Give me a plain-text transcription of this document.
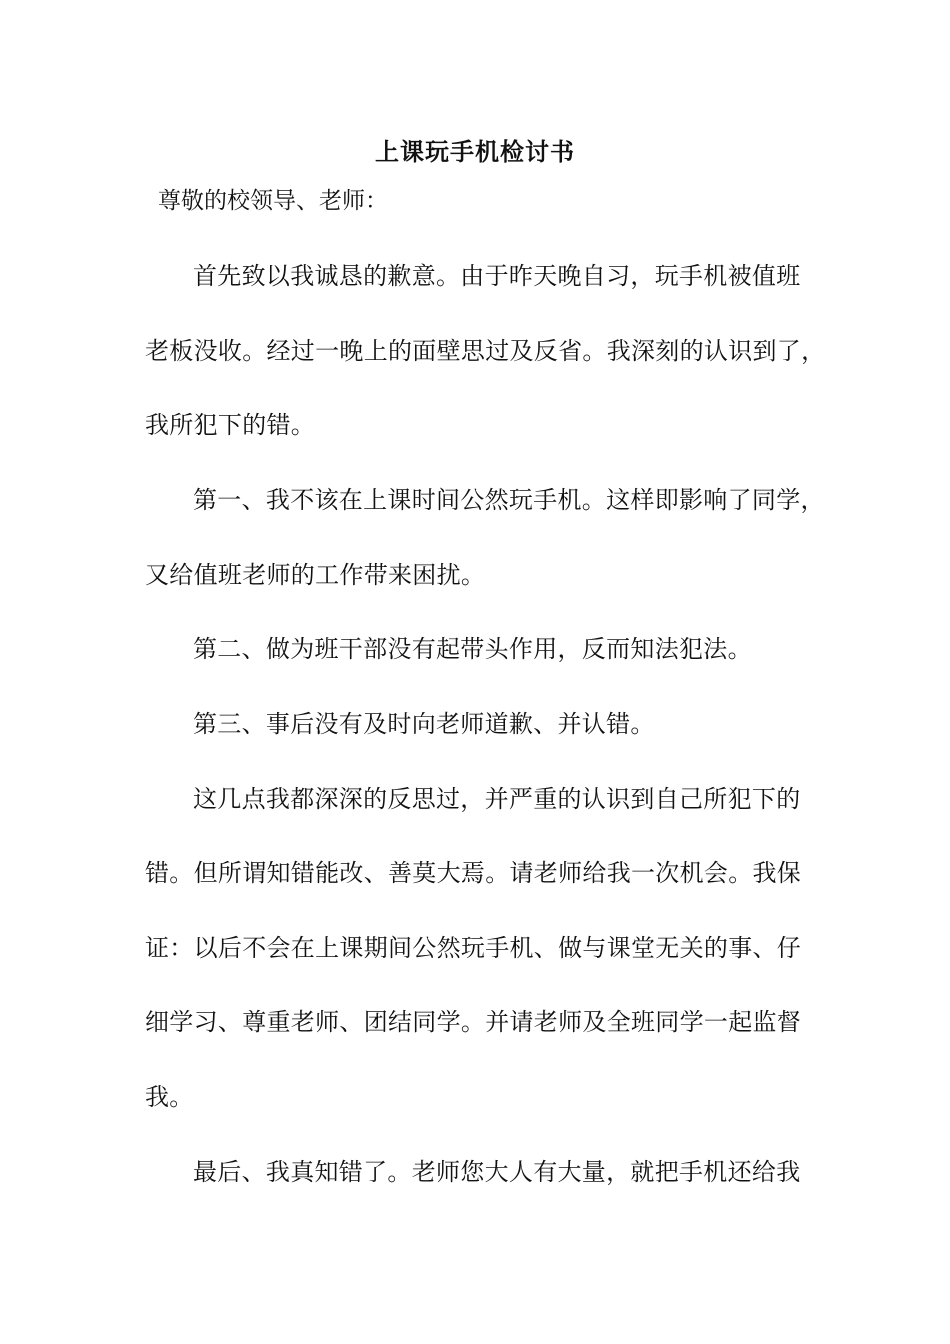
上课玩手机检讨书
尊敬的校领导、老师：
首先致以我诚恳的歉意。由于昨天晚自习，玩手机被值班
老板没收。经过一晚上的面壁思过及反省。我深刻的认识到了，
我所犯下的错。
第一、我不该在上课时间公然玩手机。这样即影响了同学，
又给值班老师的工作带来困扰。
第二、做为班干部没有起带头作用，反而知法犯法。
第三、事后没有及时向老师道歉、并认错。
这几点我都深深的反思过，并严重的认识到自己所犯下的
错。但所谓知错能改、善莫大焉。请老师给我一次机会。我保
证：以后不会在上课期间公然玩手机、做与课堂无关的事、仔
细学习、尊重老师、团结同学。并请老师及全班同学一起监督
我。
最后、我真知错了。老师您大人有大量，就把手机还给我
